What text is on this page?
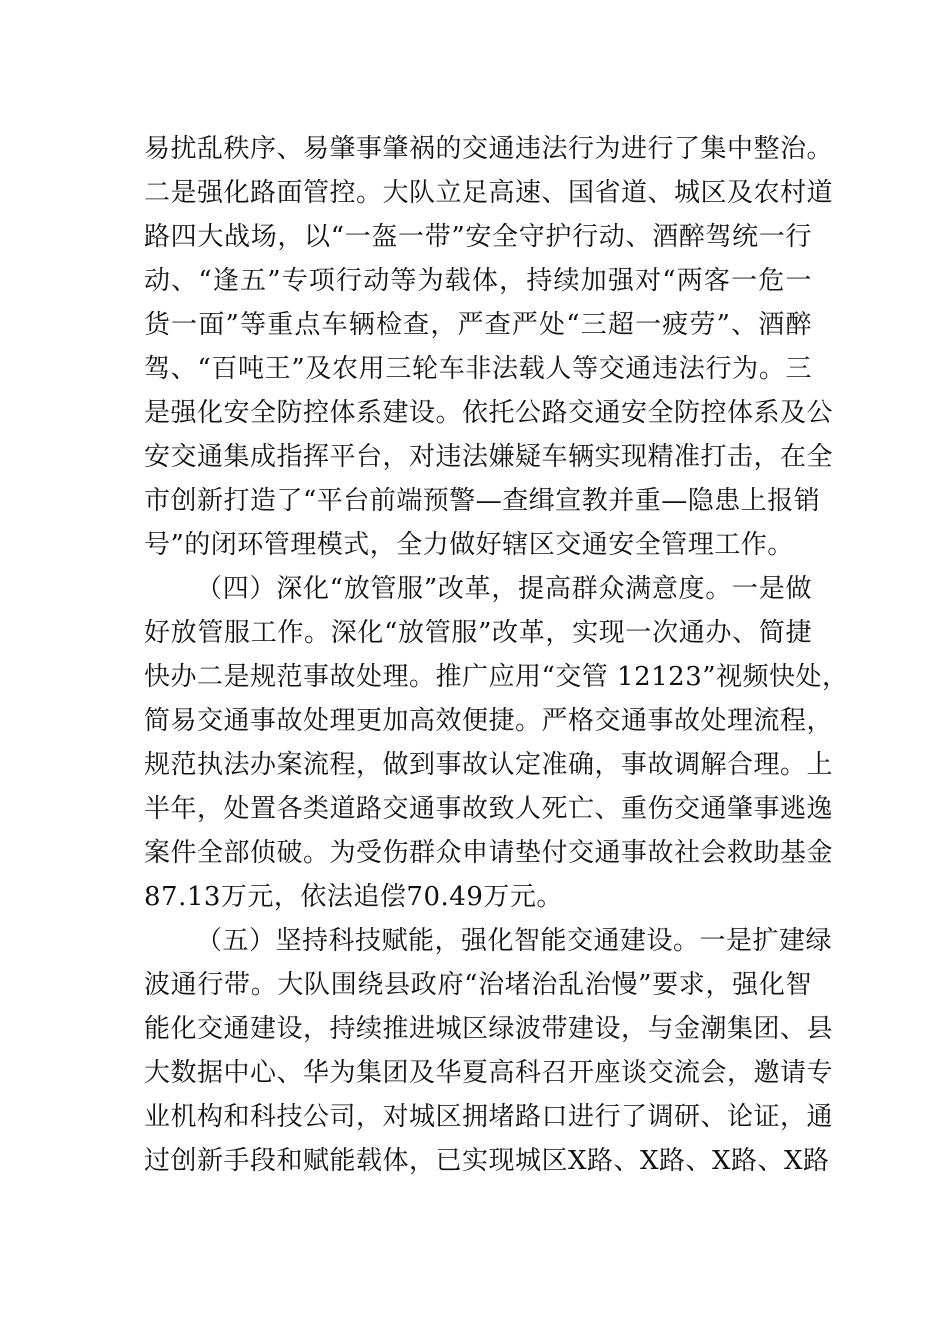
易扰乱秩序、易肇事肇祸的交通违法行为进行了集中整治。
二是强化路面管控。大队立足高速、国省道、城区及农村道
路四大战场，以“一盔一带”安全守护行动、酒醉驾统一行
动、“逢五”专项行动等为载体，持续加强对“两客一危一
货一面”等重点车辆检查，严查严处“三超一疲劳”、酒醉
驾、“百吨王”及农用三轮车非法载人等交通违法行为。三
是强化安全防控体系建设。依托公路交通安全防控体系及公
安交通集成指挥平台，对违法嫌疑车辆实现精准打击，在全
市创新打造了“平台前端预警—查缉宣教并重—隐患上报销
号”的闭环管理模式，全力做好辖区交通安全管理工作。
（四）深化“放管服”改革，提高群众满意度。一是做
好放管服工作。深化“放管服”改革，实现一次通办、简捷
快办二是规范事故处理。推广应用“交管 12123”视频快处，
简易交通事故处理更加高效便捷。严格交通事故处理流程，
规范执法办案流程，做到事故认定准确，事故调解合理。上
半年，处置各类道路交通事故致人死亡、重伤交通肇事逃逸
案件全部侦破。为受伤群众申请垫付交通事故社会救助基金
87.13万元，依法追偿70.49万元。
（五）坚持科技赋能，强化智能交通建设。一是扩建绿
波通行带。大队围绕县政府“治堵治乱治慢”要求，强化智
能化交通建设，持续推进城区绿波带建设，与金潮集团、县
大数据中心、华为集团及华夏高科召开座谈交流会，邀请专
业机构和科技公司，对城区拥堵路口进行了调研、论证，通
过创新手段和赋能载体，已实现城区X路、X路、X路、X路
